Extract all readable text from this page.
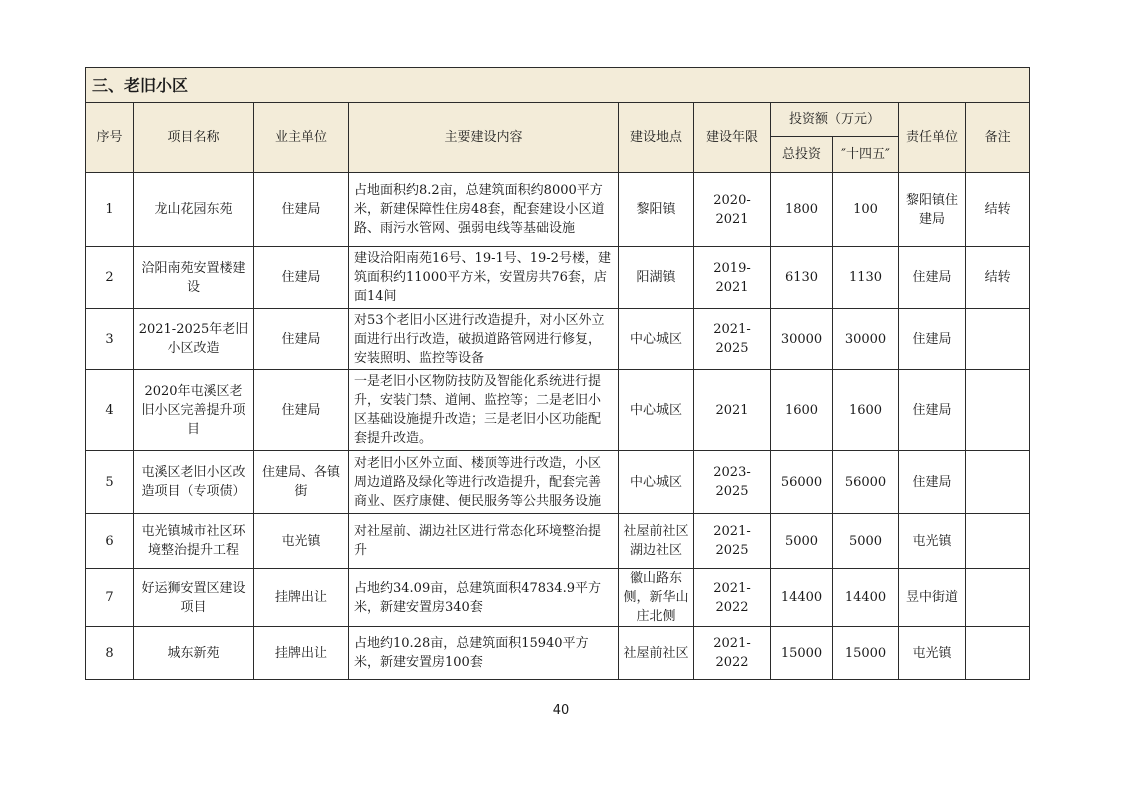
三、老旧小区									
序号	项目名称	业主单位	主要建设内容	建设地点	建设年限	投资额（万元）		责任单位	备注
						总投资	″十四五″		
1	龙山花园东苑	住建局	占地面积约8.2亩，总建筑面积约8000平方米，新建保障性住房48套，配套建设小区道路、雨污水管网、强弱电线等基础设施	黎阳镇	2020-2021	1800	100	黎阳镇住建局	结转
2	洽阳南苑安置楼建设	住建局	建设洽阳南苑16号、19-1号、19-2号楼，建筑面积约11000平方米，安置房共76套，店面14间	阳湖镇	2019-2021	6130	1130	住建局	结转
3	2021-2025年老旧小区改造	住建局	对53个老旧小区进行改造提升，对小区外立面进行出行改造，破损道路管网进行修复，安装照明、监控等设备	中心城区	2021-2025	30000	30000	住建局	
4	2020年屯溪区老旧小区完善提升项目	住建局	一是老旧小区物防技防及智能化系统进行提升，安装门禁、道闸、监控等；二是老旧小区基础设施提升改造；三是老旧小区功能配套提升改造。	中心城区	2021	1600	1600	住建局	
5	屯溪区老旧小区改造项目（专项债）	住建局、各镇街	对老旧小区外立面、楼顶等进行改造，小区周边道路及绿化等进行改造提升，配套完善商业、医疗康健、便民服务等公共服务设施	中心城区	2023-2025	56000	56000	住建局	
6	屯光镇城市社区环境整治提升工程	屯光镇	对社屋前、湖边社区进行常态化环境整治提升	社屋前社区湖边社区	2021-2025	5000	5000	屯光镇	
7	好运狮安置区建设项目	挂牌出让	占地约34.09亩，总建筑面积47834.9平方米，新建安置房340套	徽山路东侧，新华山庄北侧	2021-2022	14400	14400	昱中街道	
8	城东新苑	挂牌出让	占地约10.28亩，总建筑面积15940平方米，新建安置房100套	社屋前社区	2021-2022	15000	15000	屯光镇	
40
